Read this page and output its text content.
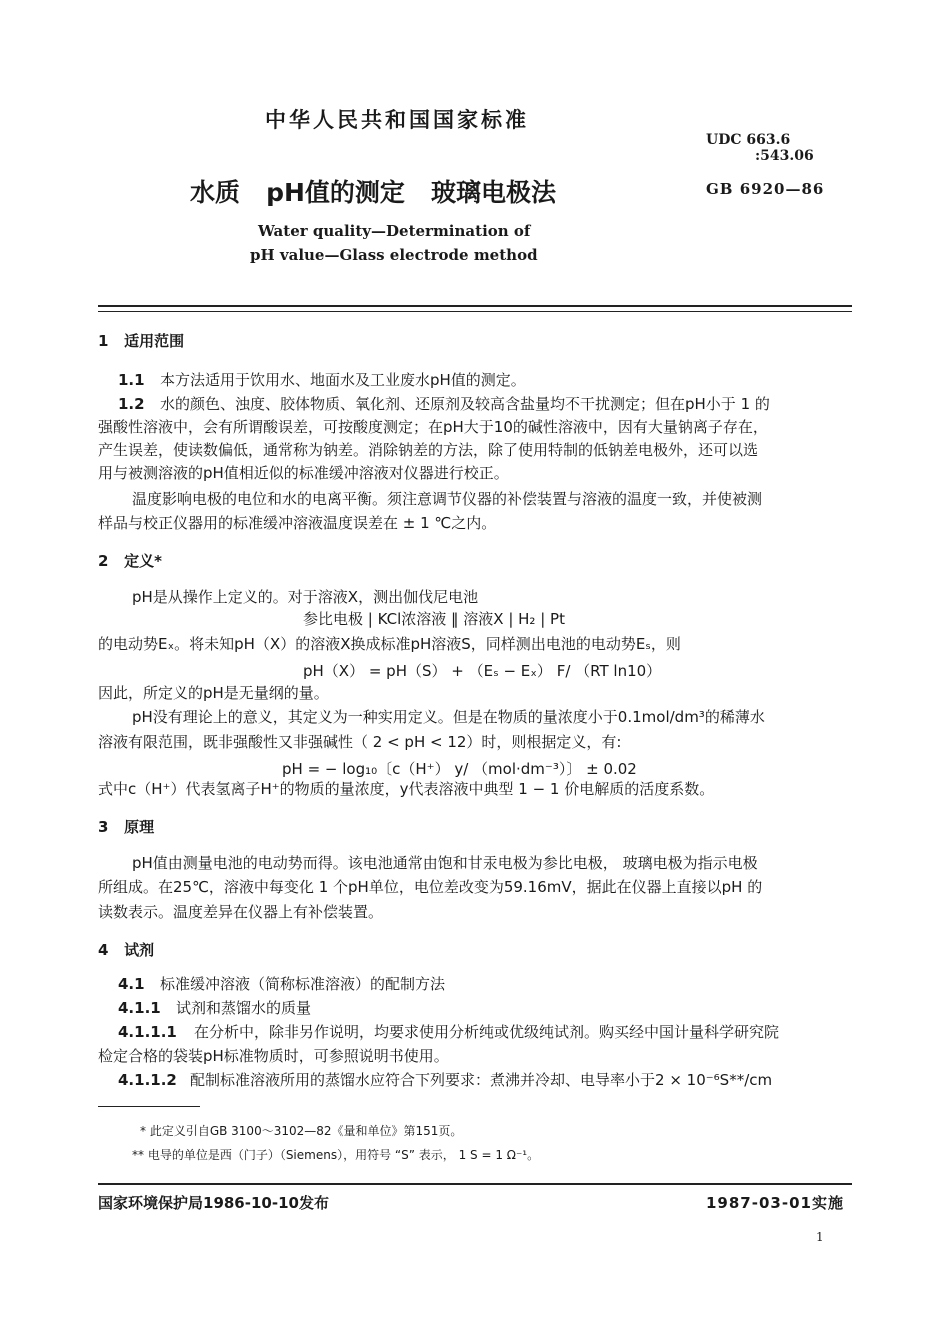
中华人民共和国国家标准
UDC 663.6
:543.06
水质   pH值的测定   玻璃电极法	GB 6920—86
Water quality—Determination of
pH value—Glass electrode method
1   适用范围
1.1 本方法适用于饮用水、地面水及工业废水pH值的测定。
1.2 水的颜色、浊度、胶体物质、氧化剂、还原剂及较高含盐量均不干扰测定；但在pH小于 1 的
强酸性溶液中，会有所谓酸误差，可按酸度测定；在pH大于10的碱性溶液中，因有大量钠离子存在，
产生误差，使读数偏低，通常称为钠差。消除钠差的方法，除了使用特制的低钠差电极外，还可以选
用与被测溶液的pH值相近似的标准缓冲溶液对仪器进行校正。
温度影响电极的电位和水的电离平衡。须注意调节仪器的补偿装置与溶液的温度一致，并使被测
样品与校正仪器用的标准缓冲溶液温度误差在 ± 1 ℃之内。
2   定义*
pH是从操作上定义的。对于溶液X，测出伽伐尼电池
参比电极 | KCl浓溶液 ‖ 溶液X | H₂ | Pt
的电动势Eₓ。将未知pH（X）的溶液X换成标准pH溶液S，同样测出电池的电动势Eₛ，则
pH（X） = pH（S） + （Eₛ − Eₓ） F/ （RT ln10）
因此，所定义的pH是无量纲的量。
pH没有理论上的意义，其定义为一种实用定义。但是在物质的量浓度小于0.1mol/dm³的稀薄水
溶液有限范围，既非强酸性又非强碱性（ 2 < pH < 12）时，则根据定义，有:
pH = − log₁₀〔c（H⁺） y/ （mol·dm⁻³）〕 ± 0.02
式中c（H⁺）代表氢离子H⁺的物质的量浓度，y代表溶液中典型 1 − 1 价电解质的活度系数。
3   原理
pH值由测量电池的电动势而得。该电池通常由饱和甘汞电极为参比电极， 玻璃电极为指示电极
所组成。在25℃，溶液中每变化 1 个pH单位，电位差改变为59.16mV，据此在仪器上直接以pH 的
读数表示。温度差异在仪器上有补偿装置。
4   试剂
4.1 标准缓冲溶液（简称标准溶液）的配制方法
4.1.1 试剂和蒸馏水的质量
4.1.1.1 在分析中，除非另作说明，均要求使用分析纯或优级纯试剂。购买经中国计量科学研究院
检定合格的袋装pH标准物质时，可参照说明书使用。
4.1.1.2 配制标准溶液所用的蒸馏水应符合下列要求：煮沸并冷却、电导率小于2 × 10⁻⁶S**/cm
* 此定义引自GB 3100～3102—82《量和单位》第151页。
** 电导的单位是西（门子）（Siemens），用符号 “S” 表示， 1 S = 1 Ω⁻¹。
国家环境保护局1986-10-10发布	1987-03-01实施
1
